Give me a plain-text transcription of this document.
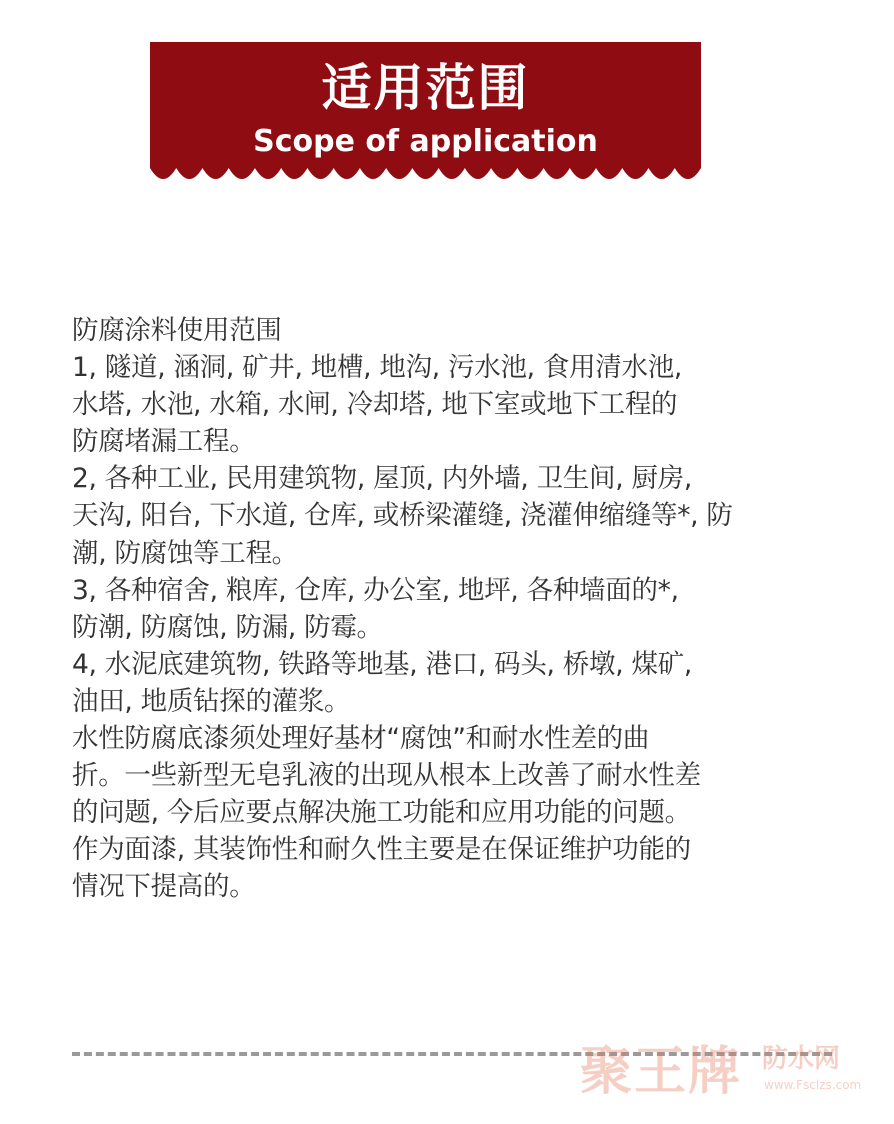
适用范围
Scope of application
防腐涂料使用范围
1, 隧道, 涵洞, 矿井, 地槽, 地沟, 污水池, 食用清水池,
水塔, 水池, 水箱, 水闸, 冷却塔, 地下室或地下工程的
防腐堵漏工程。
2, 各种工业, 民用建筑物, 屋顶, 内外墙, 卫生间, 厨房,
天沟, 阳台, 下水道, 仓库, 或桥梁灌缝, 浇灌伸缩缝等*, 防
潮, 防腐蚀等工程。
3, 各种宿舍, 粮库, 仓库, 办公室, 地坪, 各种墙面的*,
防潮, 防腐蚀, 防漏, 防霉。
4, 水泥底建筑物, 铁路等地基, 港口, 码头, 桥墩, 煤矿,
油田, 地质钻探的灌浆。
水性防腐底漆须处理好基材“腐蚀”和耐水性差的曲
折。一些新型无皂乳液的出现从根本上改善了耐水性差
的问题, 今后应要点解决施工功能和应用功能的问题。
作为面漆, 其装饰性和耐久性主要是在保证维护功能的
情况下提高的。
聚王牌 防水网
www.Fsclzs.com
